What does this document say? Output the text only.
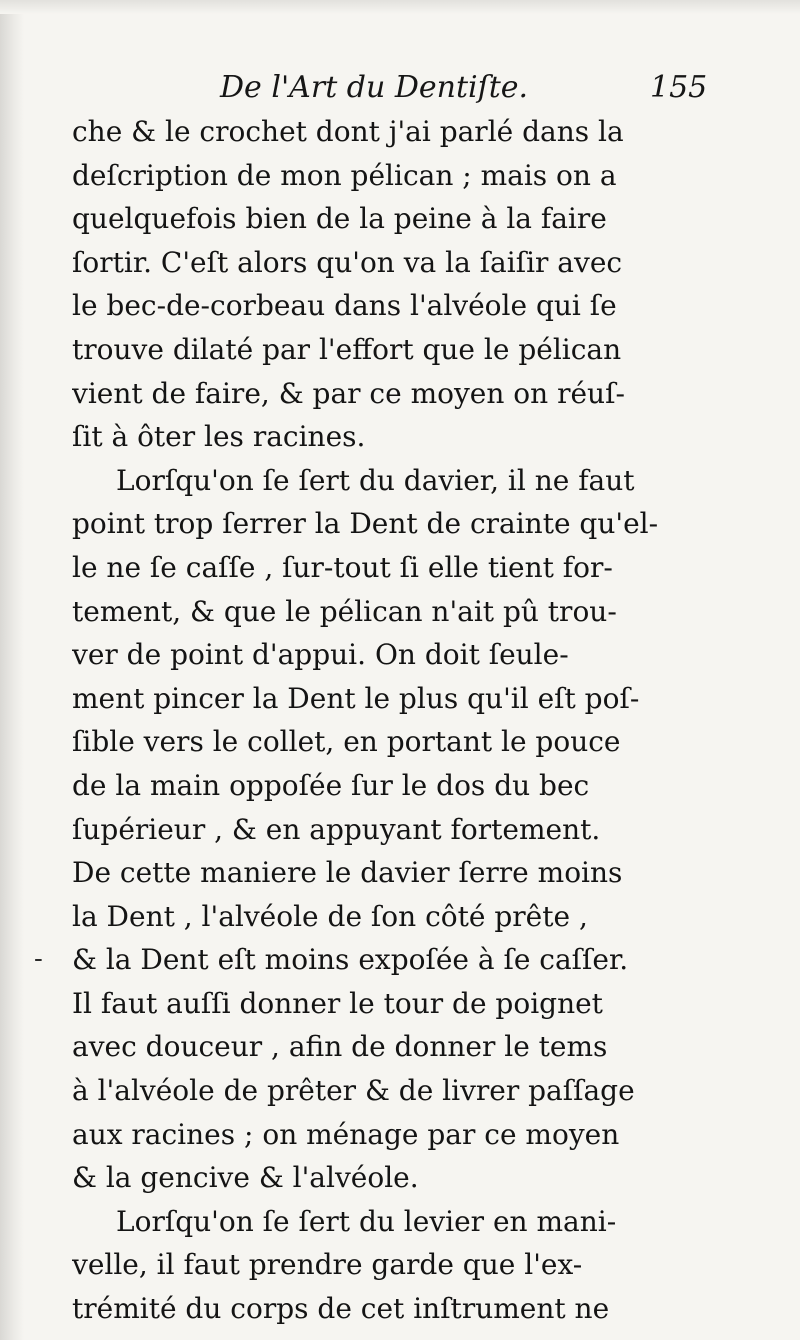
De l'Art du Dentiſte.	155
-
che & le crochet dont j'ai parlé dans la
deſcription de mon pélican ; mais on a
quelquefois bien de la peine à la faire
ſortir. C'eſt alors qu'on va la ſaiſir avec
le bec-de-corbeau dans l'alvéole qui ſe
trouve dilaté par l'effort que le pélican
vient de faire, & par ce moyen on réuſ-
ſit à ôter les racines.
Lorſqu'on ſe ſert du davier, il ne faut
point trop ſerrer la Dent de crainte qu'el-
le ne ſe caſſe , ſur-tout ſi elle tient for-
tement, & que le pélican n'ait pû trou-
ver de point d'appui. On doit ſeule-
ment pincer la Dent le plus qu'il eſt poſ-
ſible vers le collet, en portant le pouce
de la main oppoſée ſur le dos du bec
ſupérieur , & en appuyant fortement.
De cette maniere le davier ſerre moins
la Dent , l'alvéole de ſon côté prête ,
& la Dent eſt moins expoſée à ſe caſſer.
Il faut auſſi donner le tour de poignet
avec douceur , afin de donner le tems
à l'alvéole de prêter & de livrer paſſage
aux racines ; on ménage par ce moyen
& la gencive & l'alvéole.
Lorſqu'on ſe ſert du levier en mani-
velle, il faut prendre garde que l'ex-
trémité du corps de cet inſtrument ne
